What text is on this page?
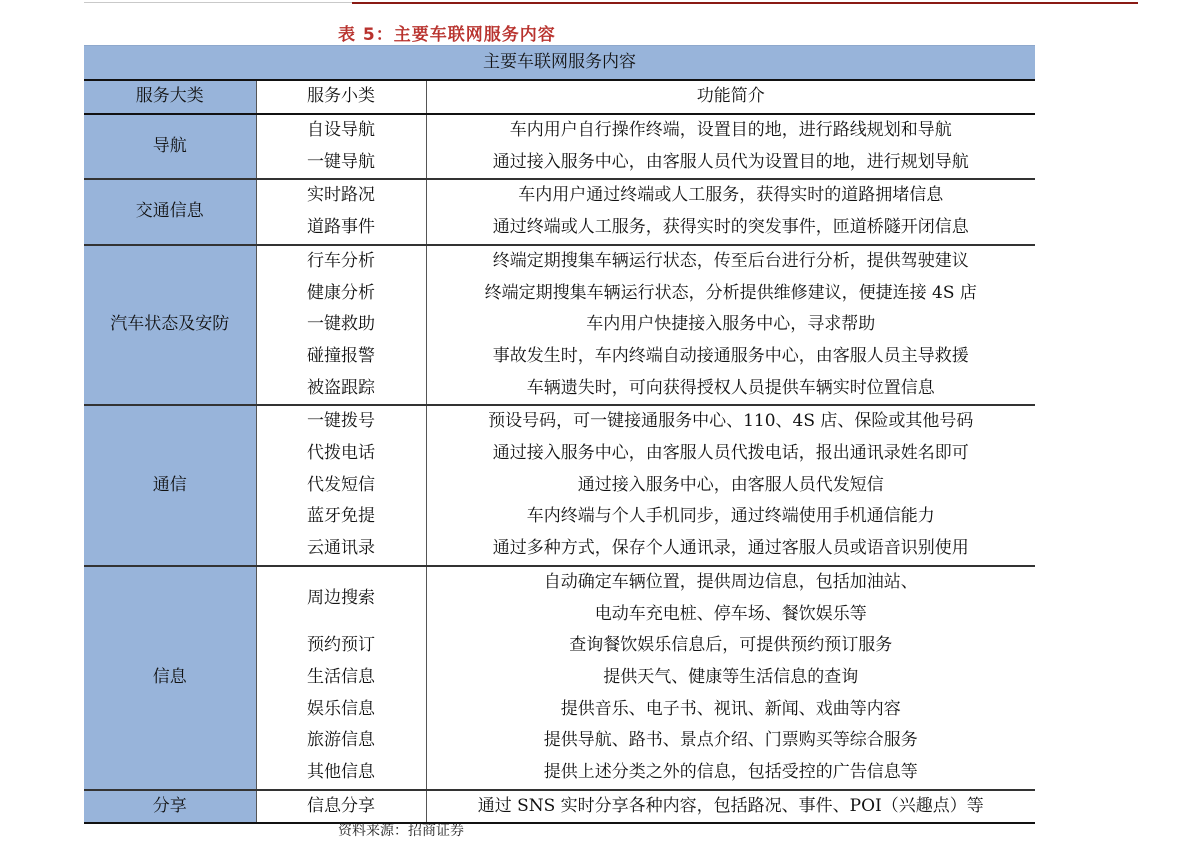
表 5：主要车联网服务内容
主要车联网服务内容		
服务大类	服务小类	功能简介
导航	自设导航	车内用户自行操作终端，设置目的地，进行路线规划和导航
	一键导航	通过接入服务中心，由客服人员代为设置目的地，进行规划导航
交通信息	实时路况	车内用户通过终端或人工服务，获得实时的道路拥堵信息
	道路事件	通过终端或人工服务，获得实时的突发事件，匝道桥隧开闭信息
汽车状态及安防	行车分析	终端定期搜集车辆运行状态，传至后台进行分析，提供驾驶建议
	健康分析	终端定期搜集车辆运行状态，分析提供维修建议，便捷连接 4S 店
	一键救助	车内用户快捷接入服务中心，寻求帮助
	碰撞报警	事故发生时，车内终端自动接通服务中心，由客服人员主导救援
	被盗跟踪	车辆遗失时，可向获得授权人员提供车辆实时位置信息
通信	一键拨号	预设号码，可一键接通服务中心、110、4S 店、保险或其他号码
	代拨电话	通过接入服务中心，由客服人员代拨电话，报出通讯录姓名即可
	代发短信	通过接入服务中心，由客服人员代发短信
	蓝牙免提	车内终端与个人手机同步，通过终端使用手机通信能力
	云通讯录	通过多种方式，保存个人通讯录，通过客服人员或语音识别使用
信息	周边搜索	自动确定车辆位置，提供周边信息，包括加油站、
		电动车充电桩、停车场、餐饮娱乐等
	预约预订	查询餐饮娱乐信息后，可提供预约预订服务
	生活信息	提供天气、健康等生活信息的查询
	娱乐信息	提供音乐、电子书、视讯、新闻、戏曲等内容
	旅游信息	提供导航、路书、景点介绍、门票购买等综合服务
	其他信息	提供上述分类之外的信息，包括受控的广告信息等
分享	信息分享	通过 SNS 实时分享各种内容，包括路况、事件、POI（兴趣点）等
资料来源：招商证券
